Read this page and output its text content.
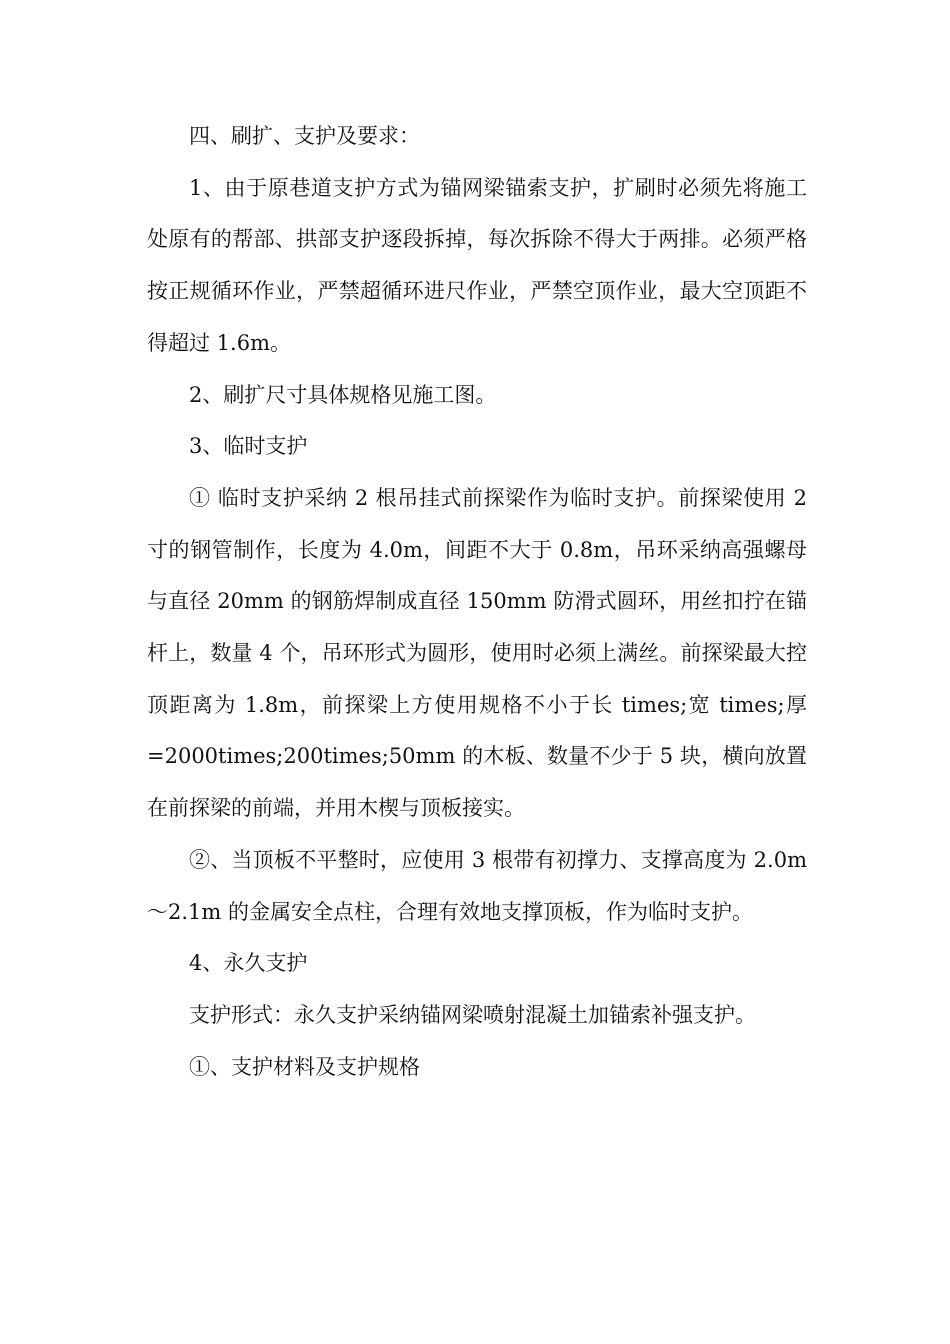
四、刷扩、支护及要求：

1、由于原巷道支护方式为锚网梁锚索支护，扩刷时必须先将施工处原有的帮部、拱部支护逐段拆掉，每次拆除不得大于两排。必须严格按正规循环作业，严禁超循环进尺作业，严禁空顶作业，最大空顶距不得超过 1.6m。

2、刷扩尺寸具体规格见施工图。

3、临时支护

① 临时支护采纳 2 根吊挂式前探梁作为临时支护。前探梁使用 2 寸的钢管制作，长度为 4.0m，间距不大于 0.8m，吊环采纳高强螺母与直径 20mm 的钢筋焊制成直径 150mm 防滑式圆环，用丝扣拧在锚杆上，数量 4 个，吊环形式为圆形，使用时必须上满丝。前探梁最大控顶距离为 1.8m，前探梁上方使用规格不小于长 times;宽 times;厚=2000times;200times;50mm 的木板、数量不少于 5 块，横向放置在前探梁的前端，并用木楔与顶板接实。

②、当顶板不平整时，应使用 3 根带有初撑力、支撑高度为 2.0m～2.1m 的金属安全点柱，合理有效地支撑顶板，作为临时支护。

4、永久支护

支护形式：永久支护采纳锚网梁喷射混凝土加锚索补强支护。

①、支护材料及支护规格
